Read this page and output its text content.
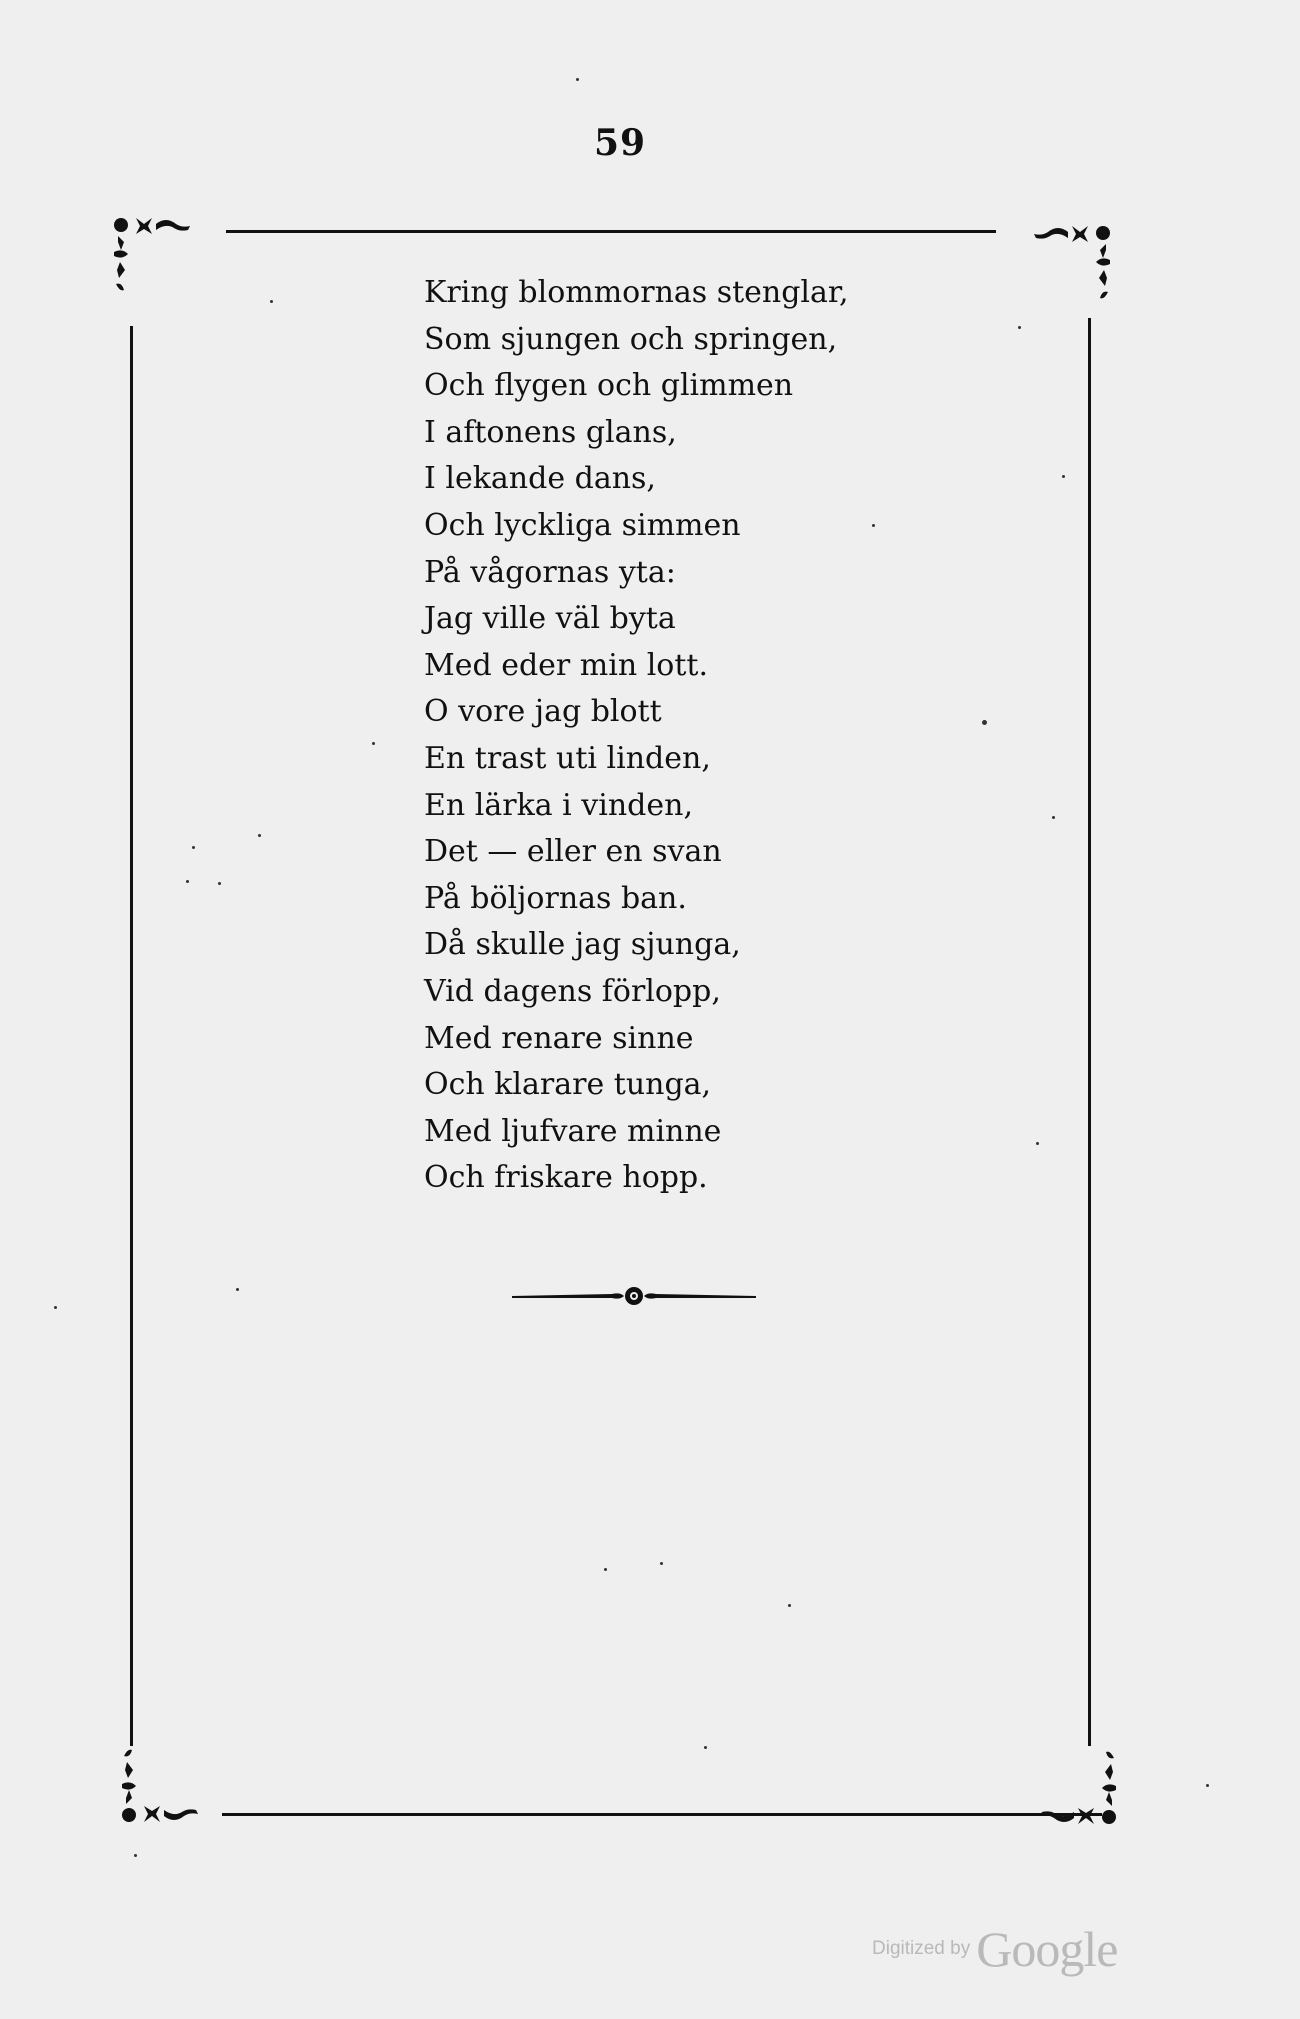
59
Kring blommornas stenglar,
Som sjungen och springen,
Och flygen och glimmen
I aftonens glans,
I lekande dans,
Och lyckliga simmen
På vågornas yta:
Jag ville väl byta
Med eder min lott.
O vore jag blott
En trast uti linden,
En lärka i vinden,
Det — eller en svan
På böljornas ban.
Då skulle jag sjunga,
Vid dagens förlopp,
Med renare sinne
Och klarare tunga,
Med ljufvare minne
Och friskare hopp.
Digitized by Google
